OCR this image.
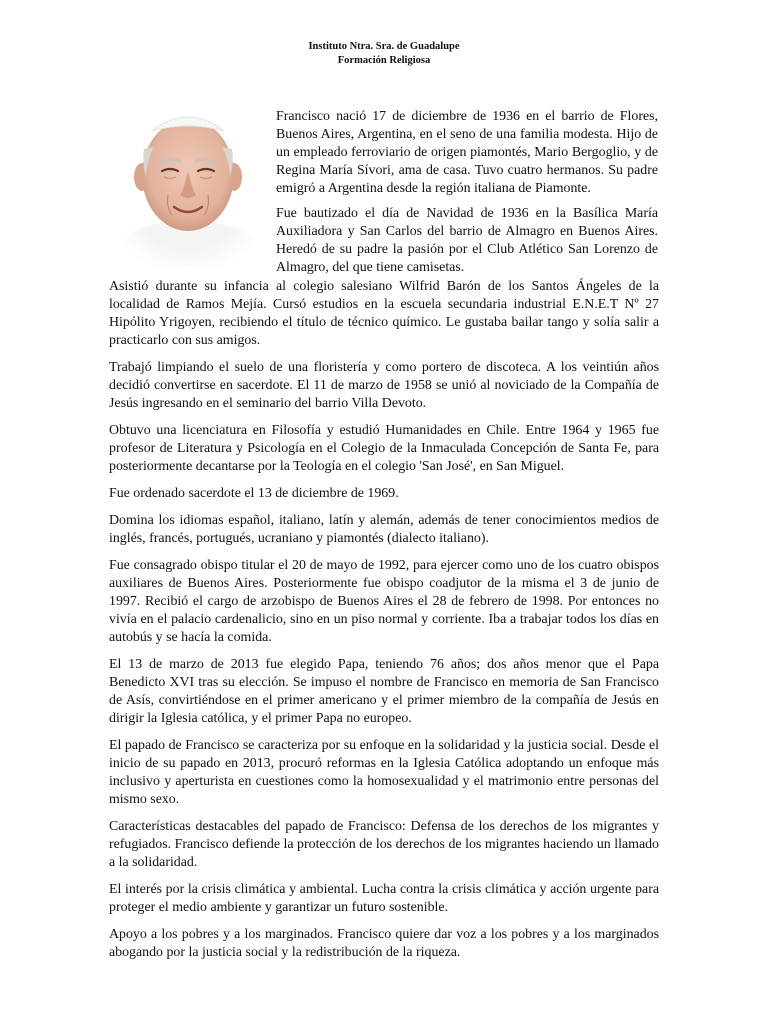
Instituto Ntra. Sra. de Guadalupe
Formación Religiosa

Francisco nació 17 de diciembre de 1936 en el barrio de Flores, Buenos Aires, Argentina, en el seno de una familia modesta. Hijo de un empleado ferroviario de origen piamontés, Mario Bergoglio, y de Regina María Sívori, ama de casa. Tuvo cuatro hermanos. Su padre emigró a Argentina desde la región italiana de Piamonte.

Fue bautizado el día de Navidad de 1936 en la Basílica María Auxiliadora y San Carlos del barrio de Almagro en Buenos Aires. Heredó de su padre la pasión por el Club Atlético San Lorenzo de Almagro, del que tiene camisetas.

Asistió durante su infancia al colegio salesiano Wilfrid Barón de los Santos Ángeles de la localidad de Ramos Mejía. Cursó estudios en la escuela secundaria industrial E.N.E.T Nº 27 Hipólito Yrigoyen, recibiendo el título de técnico químico. Le gustaba bailar tango y solía salir a practicarlo con sus amigos.

Trabajó limpiando el suelo de una floristería y como portero de discoteca. A los veintiún años decidió convertirse en sacerdote. El 11 de marzo de 1958 se unió al noviciado de la Compañía de Jesús ingresando en el seminario del barrio Villa Devoto.

Obtuvo una licenciatura en Filosofía y estudió Humanidades en Chile. Entre 1964 y 1965 fue profesor de Literatura y Psicología en el Colegio de la Inmaculada Concepción de Santa Fe, para posteriormente decantarse por la Teología en el colegio 'San José', en San Miguel.

Fue ordenado sacerdote el 13 de diciembre de 1969.

Domina los idiomas español, italiano, latín y alemán, además de tener conocimientos medios de inglés, francés, portugués, ucraniano y piamontés (dialecto italiano).

Fue consagrado obispo titular el 20 de mayo de 1992, para ejercer como uno de los cuatro obispos auxiliares de Buenos Aires. Posteriormente fue obispo coadjutor de la misma el 3 de junio de 1997. Recibió el cargo de arzobispo de Buenos Aires el 28 de febrero de 1998. Por entonces no vivía en el palacio cardenalicio, sino en un piso normal y corriente. Iba a trabajar todos los días en autobús y se hacía la comida.

El 13 de marzo de 2013 fue elegido Papa, teniendo 76 años; dos años menor que el Papa Benedicto XVI tras su elección. Se impuso el nombre de Francisco en memoria de San Francisco de Asís, convirtiéndose en el primer americano y el primer miembro de la compañía de Jesús en dirigir la Iglesia católica, y el primer Papa no europeo.

El papado de Francisco se caracteriza por su enfoque en la solidaridad y la justicia social. Desde el inicio de su papado en 2013, procuró reformas en la Iglesia Católica adoptando un enfoque más inclusivo y aperturista en cuestiones como la homosexualidad y el matrimonio entre personas del mismo sexo.

Características destacables del papado de Francisco: Defensa de los derechos de los migrantes y refugiados. Francisco defiende la protección de los derechos de los migrantes haciendo un llamado a la solidaridad.

El interés por la crisis climática y ambiental. Lucha contra la crisis climática y acción urgente para proteger el medio ambiente y garantizar un futuro sostenible.

Apoyo a los pobres y a los marginados. Francisco quiere dar voz a los pobres y a los marginados abogando por la justicia social y la redistribución de la riqueza.
